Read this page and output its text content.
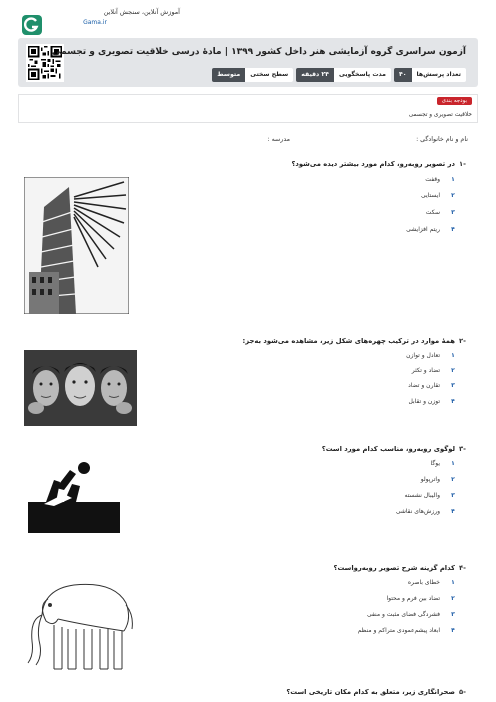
آموزش آنلاین، سنجش آنلاین
Gama.ir
آزمون سراسری گروه آزمایشی هنر داخل کشور ۱۳۹۹ | مادهٔ درسی خلاقیت تصویری و تجسمی
تعداد پرسش‌ها
۴۰
مدت پاسخگویی
۲۴ دقیقه
سطح سختی
متوسط
بودجه بندی
خلاقیت تصویری و تجسمی
نام و نام خانوادگی :
مدرسه :
-۱در تصویر روبه‌رو، کدام مورد بیشتر دیده می‌شود؟
۱
وقفت
۲
ایستایی
۳
سکت
۴
ریتم افزایشی
-۲همهٔ موارد در ترکیب چهره‌های شکل زیر، مشاهده می‌شود به‌جز:
۱
تعادل و توازن
۲
تضاد و تکثر
۳
تقارن و تضاد
۴
توزن و تقابل
-۳لوگوی روبه‌رو، مناسب کدام مورد است؟
۱
یوگا
۲
واترپولو
۳
والیبال نشسته
۴
ورزش‌های نقاشی
-۴کدام گزینه شرح تصویر روبه‌رواست؟
۱
خطای باصره
۲
تضاد بین فرم و محتوا
۳
فشردگی فضای مثبت و منفی
۴
ابعاد پیشم‌عمودی متراکم و منظم
-۵صحرانگاری زیر، متعلق به کدام مکان تاریخی است؟
